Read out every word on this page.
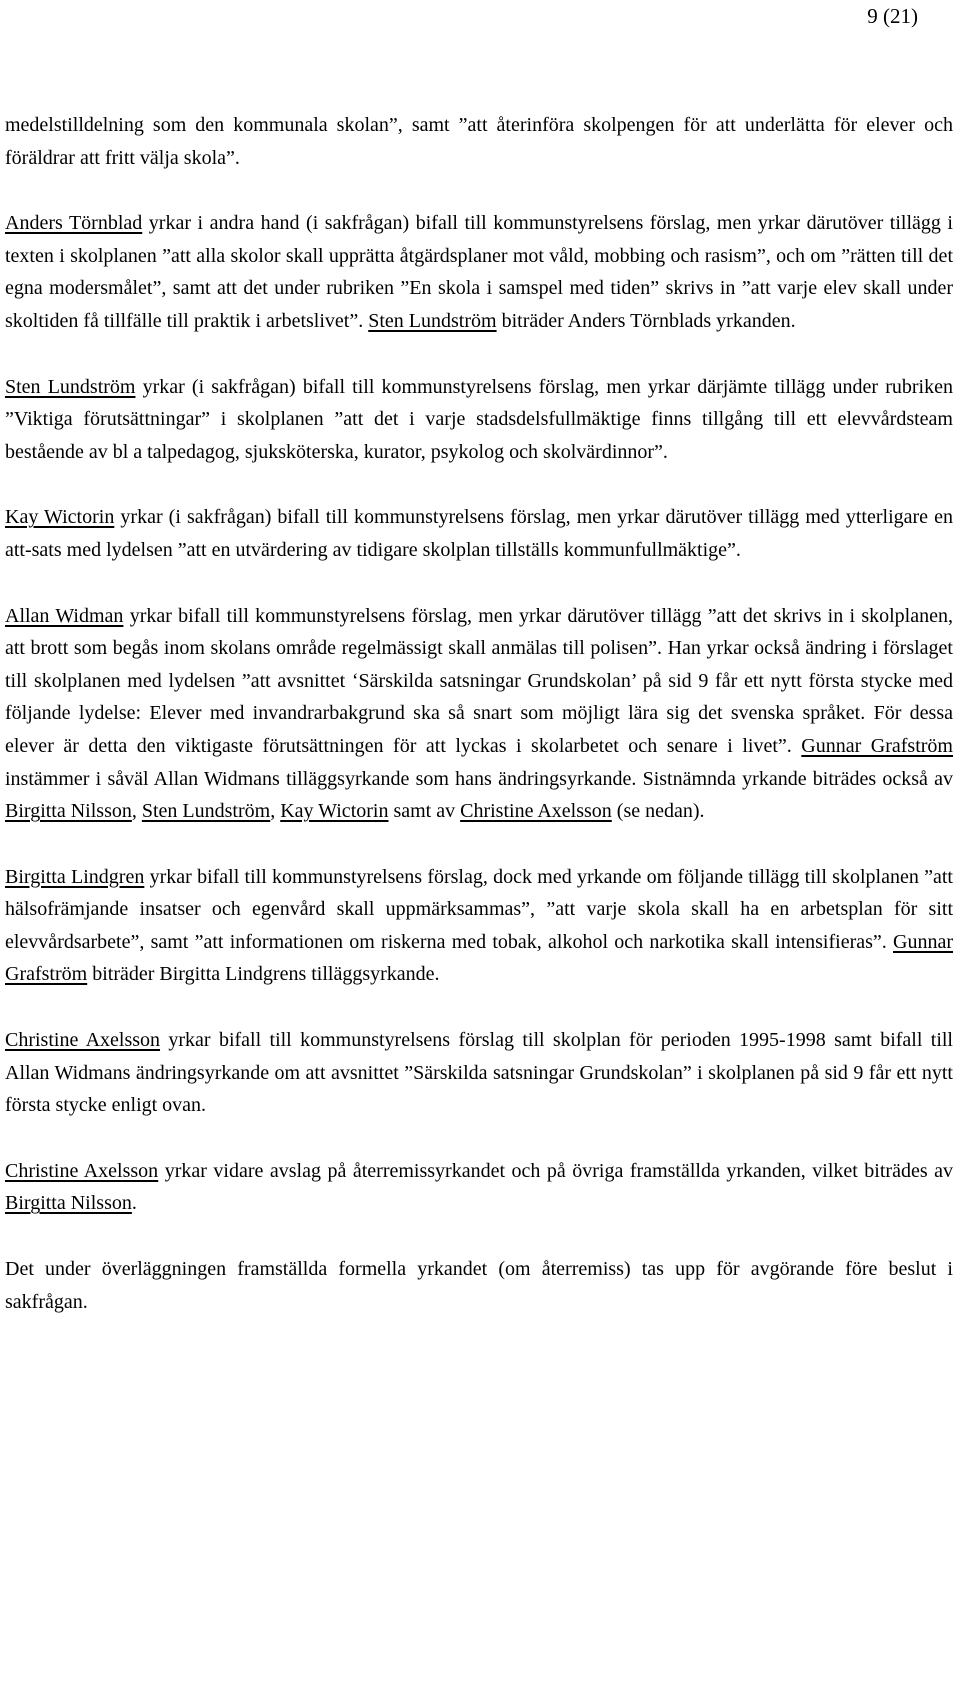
9 (21)

medelstilldelning som den kommunala skolan”, samt ”att återinföra skolpengen för att underlätta för elever och föräldrar att fritt välja skola”.

Anders Törnblad yrkar i andra hand (i sakfrågan) bifall till kommunstyrelsens förslag, men yrkar därutöver tillägg i texten i skolplanen ”att alla skolor skall upprätta åtgärdsplaner mot våld, mobbing och rasism”, och om ”rätten till det egna modersmålet”, samt att det under rubriken ”En skola i samspel med tiden” skrivs in ”att varje elev skall under skoltiden få tillfälle till praktik i arbetslivet”. Sten Lundström biträder Anders Törnblads yrkanden.

Sten Lundström yrkar (i sakfrågan) bifall till kommunstyrelsens förslag, men yrkar därjämte tillägg under rubriken ”Viktiga förutsättningar” i skolplanen ”att det i varje stadsdelsfullmäktige finns tillgång till ett elevvårdsteam bestående av bl a talpedagog, sjuksköterska, kurator, psykolog och skolvärdinnor”.

Kay Wictorin yrkar (i sakfrågan) bifall till kommunstyrelsens förslag, men yrkar därutöver tillägg med ytterligare en att-sats med lydelsen ”att en utvärdering av tidigare skolplan tillställs kommunfullmäktige”.

Allan Widman yrkar bifall till kommunstyrelsens förslag, men yrkar därutöver tillägg ”att det skrivs in i skolplanen, att brott som begås inom skolans område regelmässigt skall anmälas till polisen”. Han yrkar också ändring i förslaget till skolplanen med lydelsen ”att avsnittet ‘Särskilda satsningar Grundskolan’ på sid 9 får ett nytt första stycke med följande lydelse: Elever med invandrarbakgrund ska så snart som möjligt lära sig det svenska språket. För dessa elever är detta den viktigaste förutsättningen för att lyckas i skolarbetet och senare i livet”. Gunnar Grafström instämmer i såväl Allan Widmans tilläggsyrkande som hans ändringsyrkande. Sistnämnda yrkande biträdes också av Birgitta Nilsson, Sten Lundström, Kay Wictorin samt av Christine Axelsson (se nedan).

Birgitta Lindgren yrkar bifall till kommunstyrelsens förslag, dock med yrkande om följande tillägg till skolplanen ”att hälsofrämjande insatser och egenvård skall uppmärksammas”, ”att varje skola skall ha en arbetsplan för sitt elevvårdsarbete”, samt ”att informationen om riskerna med tobak, alkohol och narkotika skall intensifieras”. Gunnar Grafström biträder Birgitta Lindgrens tilläggsyrkande.

Christine Axelsson yrkar bifall till kommunstyrelsens förslag till skolplan för perioden 1995-1998 samt bifall till Allan Widmans ändringsyrkande om att avsnittet ”Särskilda satsningar Grundskolan” i skolplanen på sid 9 får ett nytt första stycke enligt ovan.

Christine Axelsson yrkar vidare avslag på återremissyrkandet och på övriga framställda yrkanden, vilket biträdes av Birgitta Nilsson.

Det under överläggningen framställda formella yrkandet (om återremiss) tas upp för avgörande före beslut i sakfrågan.
